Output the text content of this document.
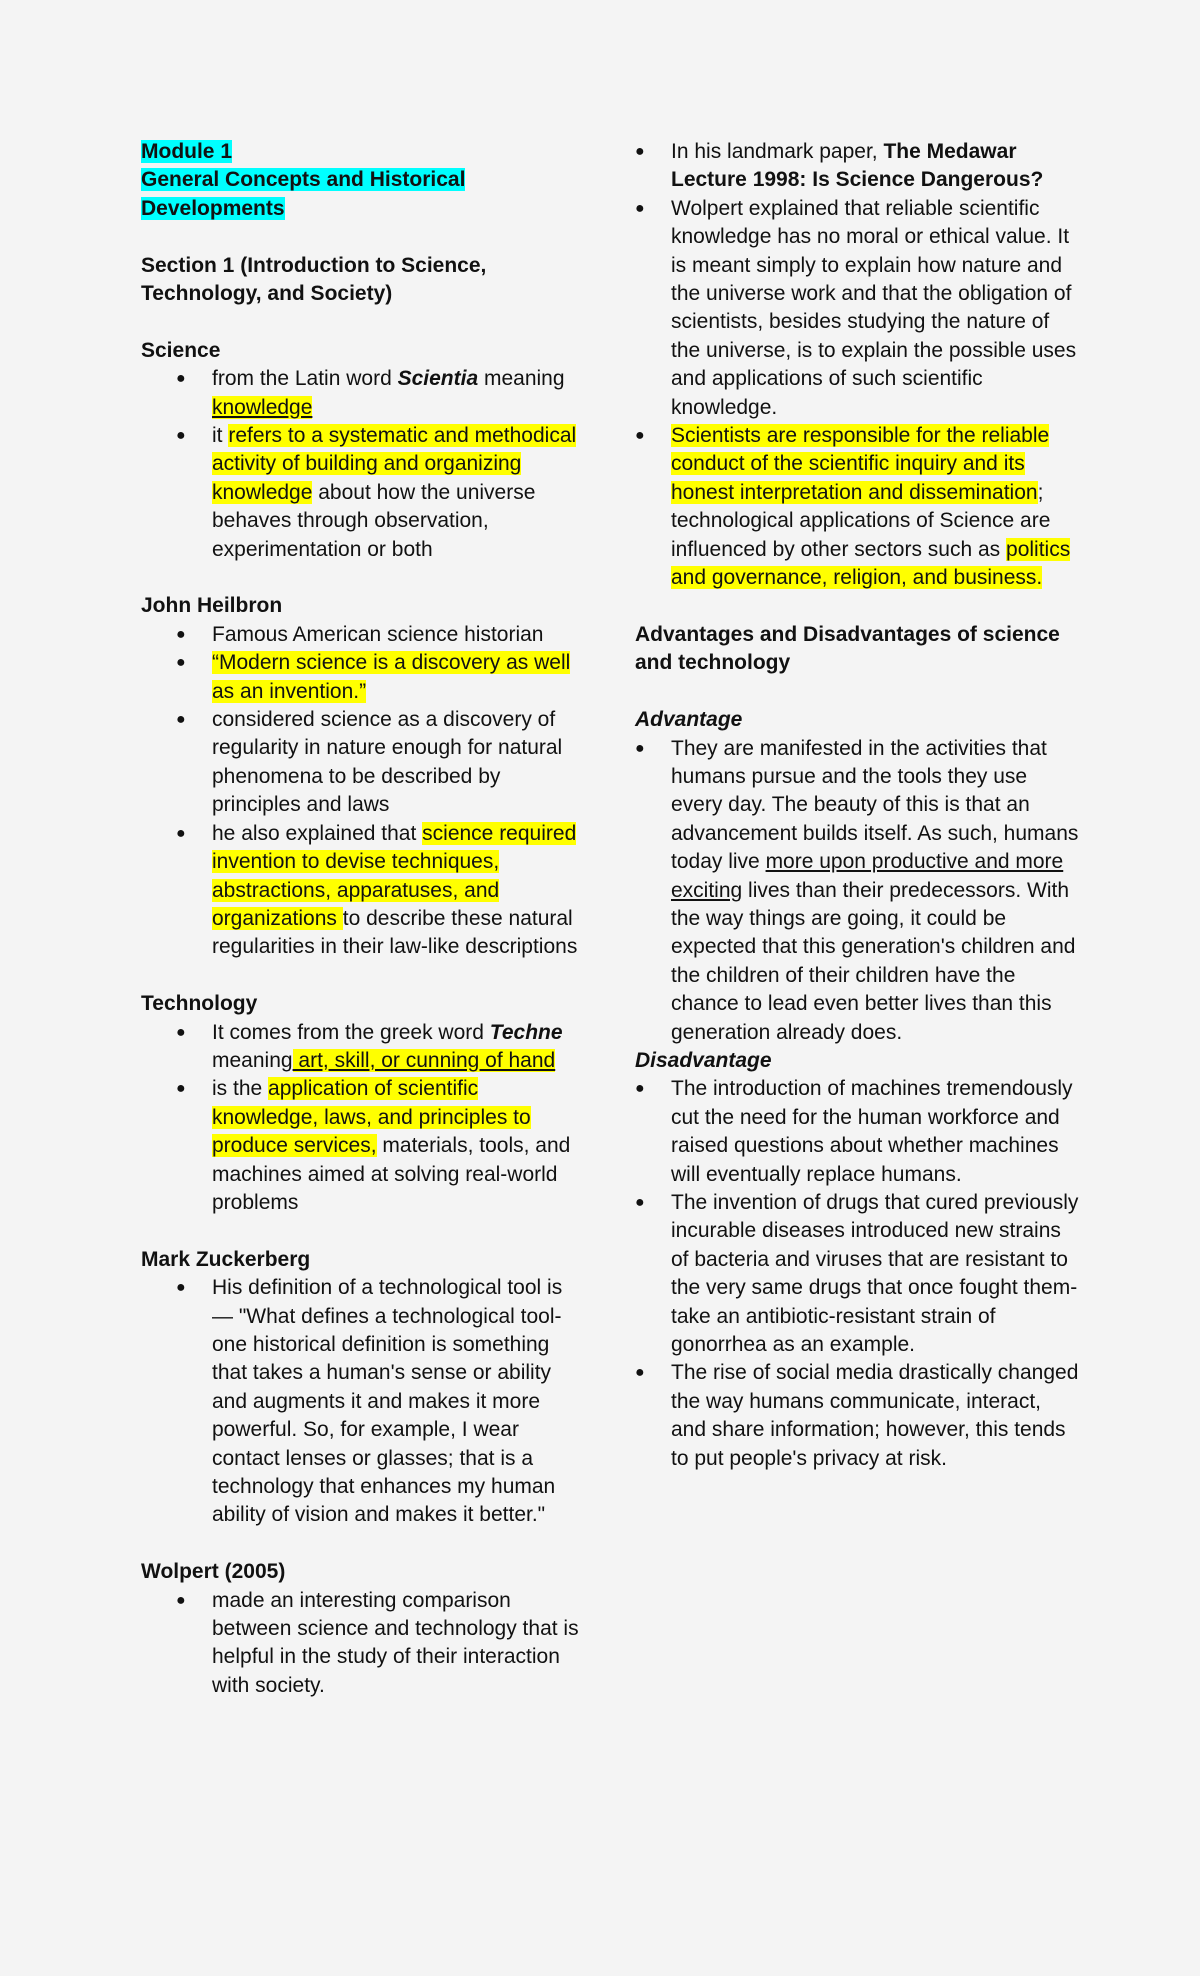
Module 1
General Concepts and Historical
Developments
Section 1 (Introduction to Science, Technology, and Society)
Science
● from the Latin word Scientia meaning knowledge
● it refers to a systematic and methodical activity of building and organizing knowledge about how the universe behaves through observation, experimentation or both
John Heilbron
● Famous American science historian
● “Modern science is a discovery as well as an invention.”
● considered science as a discovery of regularity in nature enough for natural phenomena to be described by principles and laws
● he also explained that science required invention to devise techniques, abstractions, apparatuses, and organizations to describe these natural regularities in their law-like descriptions
Technology
● It comes from the greek word Techne meaning art, skill, or cunning of hand
● is the application of scientific knowledge, laws, and principles to produce services, materials, tools, and machines aimed at solving real-world problems
Mark Zuckerberg
● His definition of a technological tool is— "What defines a technological tool-one historical definition is something that takes a human's sense or ability and augments it and makes it more powerful. So, for example, I wear contact lenses or glasses; that is a technology that enhances my human ability of vision and makes it better."
Wolpert (2005)
● made an interesting comparison between science and technology that is helpful in the study of their interaction with society.
● In his landmark paper, The Medawar Lecture 1998: Is Science Dangerous?
● Wolpert explained that reliable scientific knowledge has no moral or ethical value. It is meant simply to explain how nature and the universe work and that the obligation of scientists, besides studying the nature of the universe, is to explain the possible uses and applications of such scientific knowledge.
● Scientists are responsible for the reliable conduct of the scientific inquiry and its honest interpretation and dissemination; technological applications of Science are influenced by other sectors such as politics and governance, religion, and business.
Advantages and Disadvantages of science and technology
Advantage
● They are manifested in the activities that humans pursue and the tools they use every day. The beauty of this is that an advancement builds itself. As such, humans today live more upon productive and more exciting lives than their predecessors. With the way things are going, it could be expected that this generation's children and the children of their children have the chance to lead even better lives than this generation already does.
Disadvantage
● The introduction of machines tremendously cut the need for the human workforce and raised questions about whether machines will eventually replace humans.
● The invention of drugs that cured previously incurable diseases introduced new strains of bacteria and viruses that are resistant to the very same drugs that once fought them-take an antibiotic-resistant strain of gonorrhea as an example.
● The rise of social media drastically changed the way humans communicate, interact, and share information; however, this tends to put people's privacy at risk.
